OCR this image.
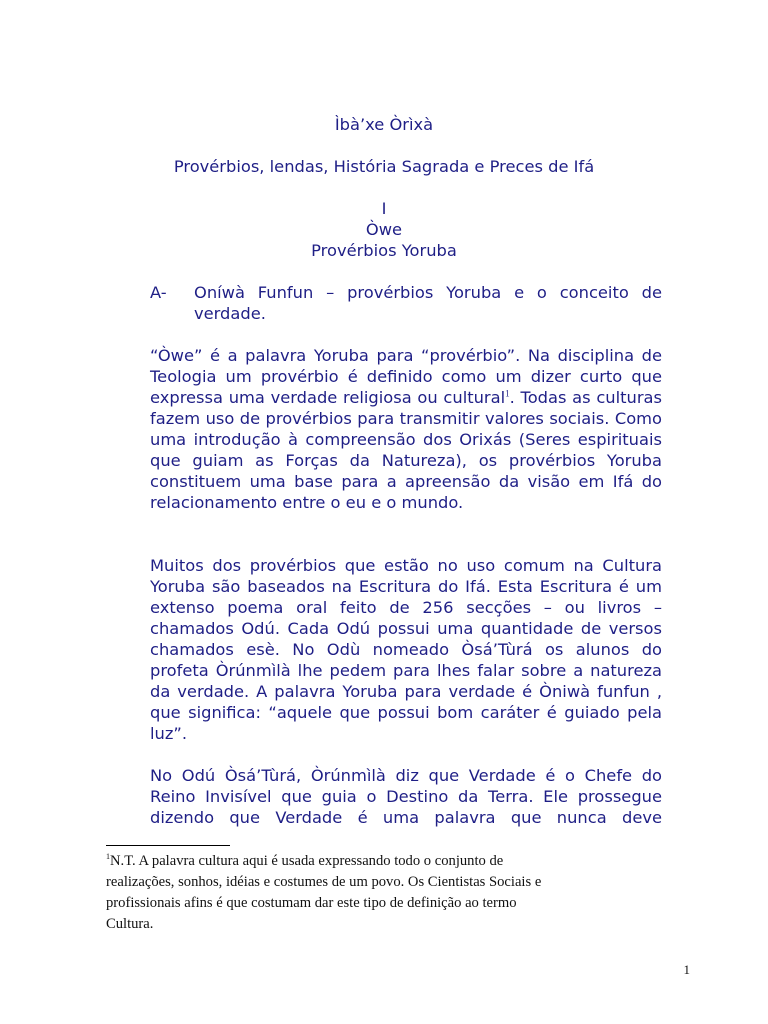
Ìbà’xe Òrìxà
Provérbios, lendas, História Sagrada e Preces de Ifá
I
Òwe
Provérbios Yoruba
A-	Oníwà Funfun – provérbios Yoruba e o conceito de verdade.

“Òwe” é a palavra Yoruba para “provérbio”. Na disciplina de Teologia um provérbio é definido como um dizer curto que expressa uma verdade religiosa ou cultural$^1$. Todas as culturas fazem uso de provérbios para transmitir valores sociais. Como uma introdução à compreensão dos Orixás (Seres espirituais que guiam as Forças da Natureza), os provérbios Yoruba constituem uma base para a apreensão da visão em Ifá do relacionamento entre o eu e o mundo.

Muitos dos provérbios que estão no uso comum na Cultura Yoruba são baseados na Escritura do Ifá. Esta Escritura é um extenso poema oral feito de 256 secções – ou livros – chamados Odú. Cada Odú possui uma quantidade de versos chamados esè. No Odù nomeado Òsá’Tùrá os alunos do profeta Òrúnmìlà lhe pedem para lhes falar sobre a natureza da verdade. A palavra Yoruba para verdade é Òniwà funfun , que significa: “aquele que possui bom caráter é guiado pela luz”.

No Odú Òsá’Tùrá, Òrúnmìlà diz que Verdade é o Chefe do Reino Invisível que guia o Destino da Terra. Ele prossegue dizendo que Verdade é uma palavra que nunca deve

$^1$N.T. A palavra cultura aqui é usada expressando todo o conjunto de realizações, sonhos, idéias e costumes de um povo. Os Cientistas Sociais e profissionais afins é que costumam dar este tipo de definição ao termo Cultura.

1
